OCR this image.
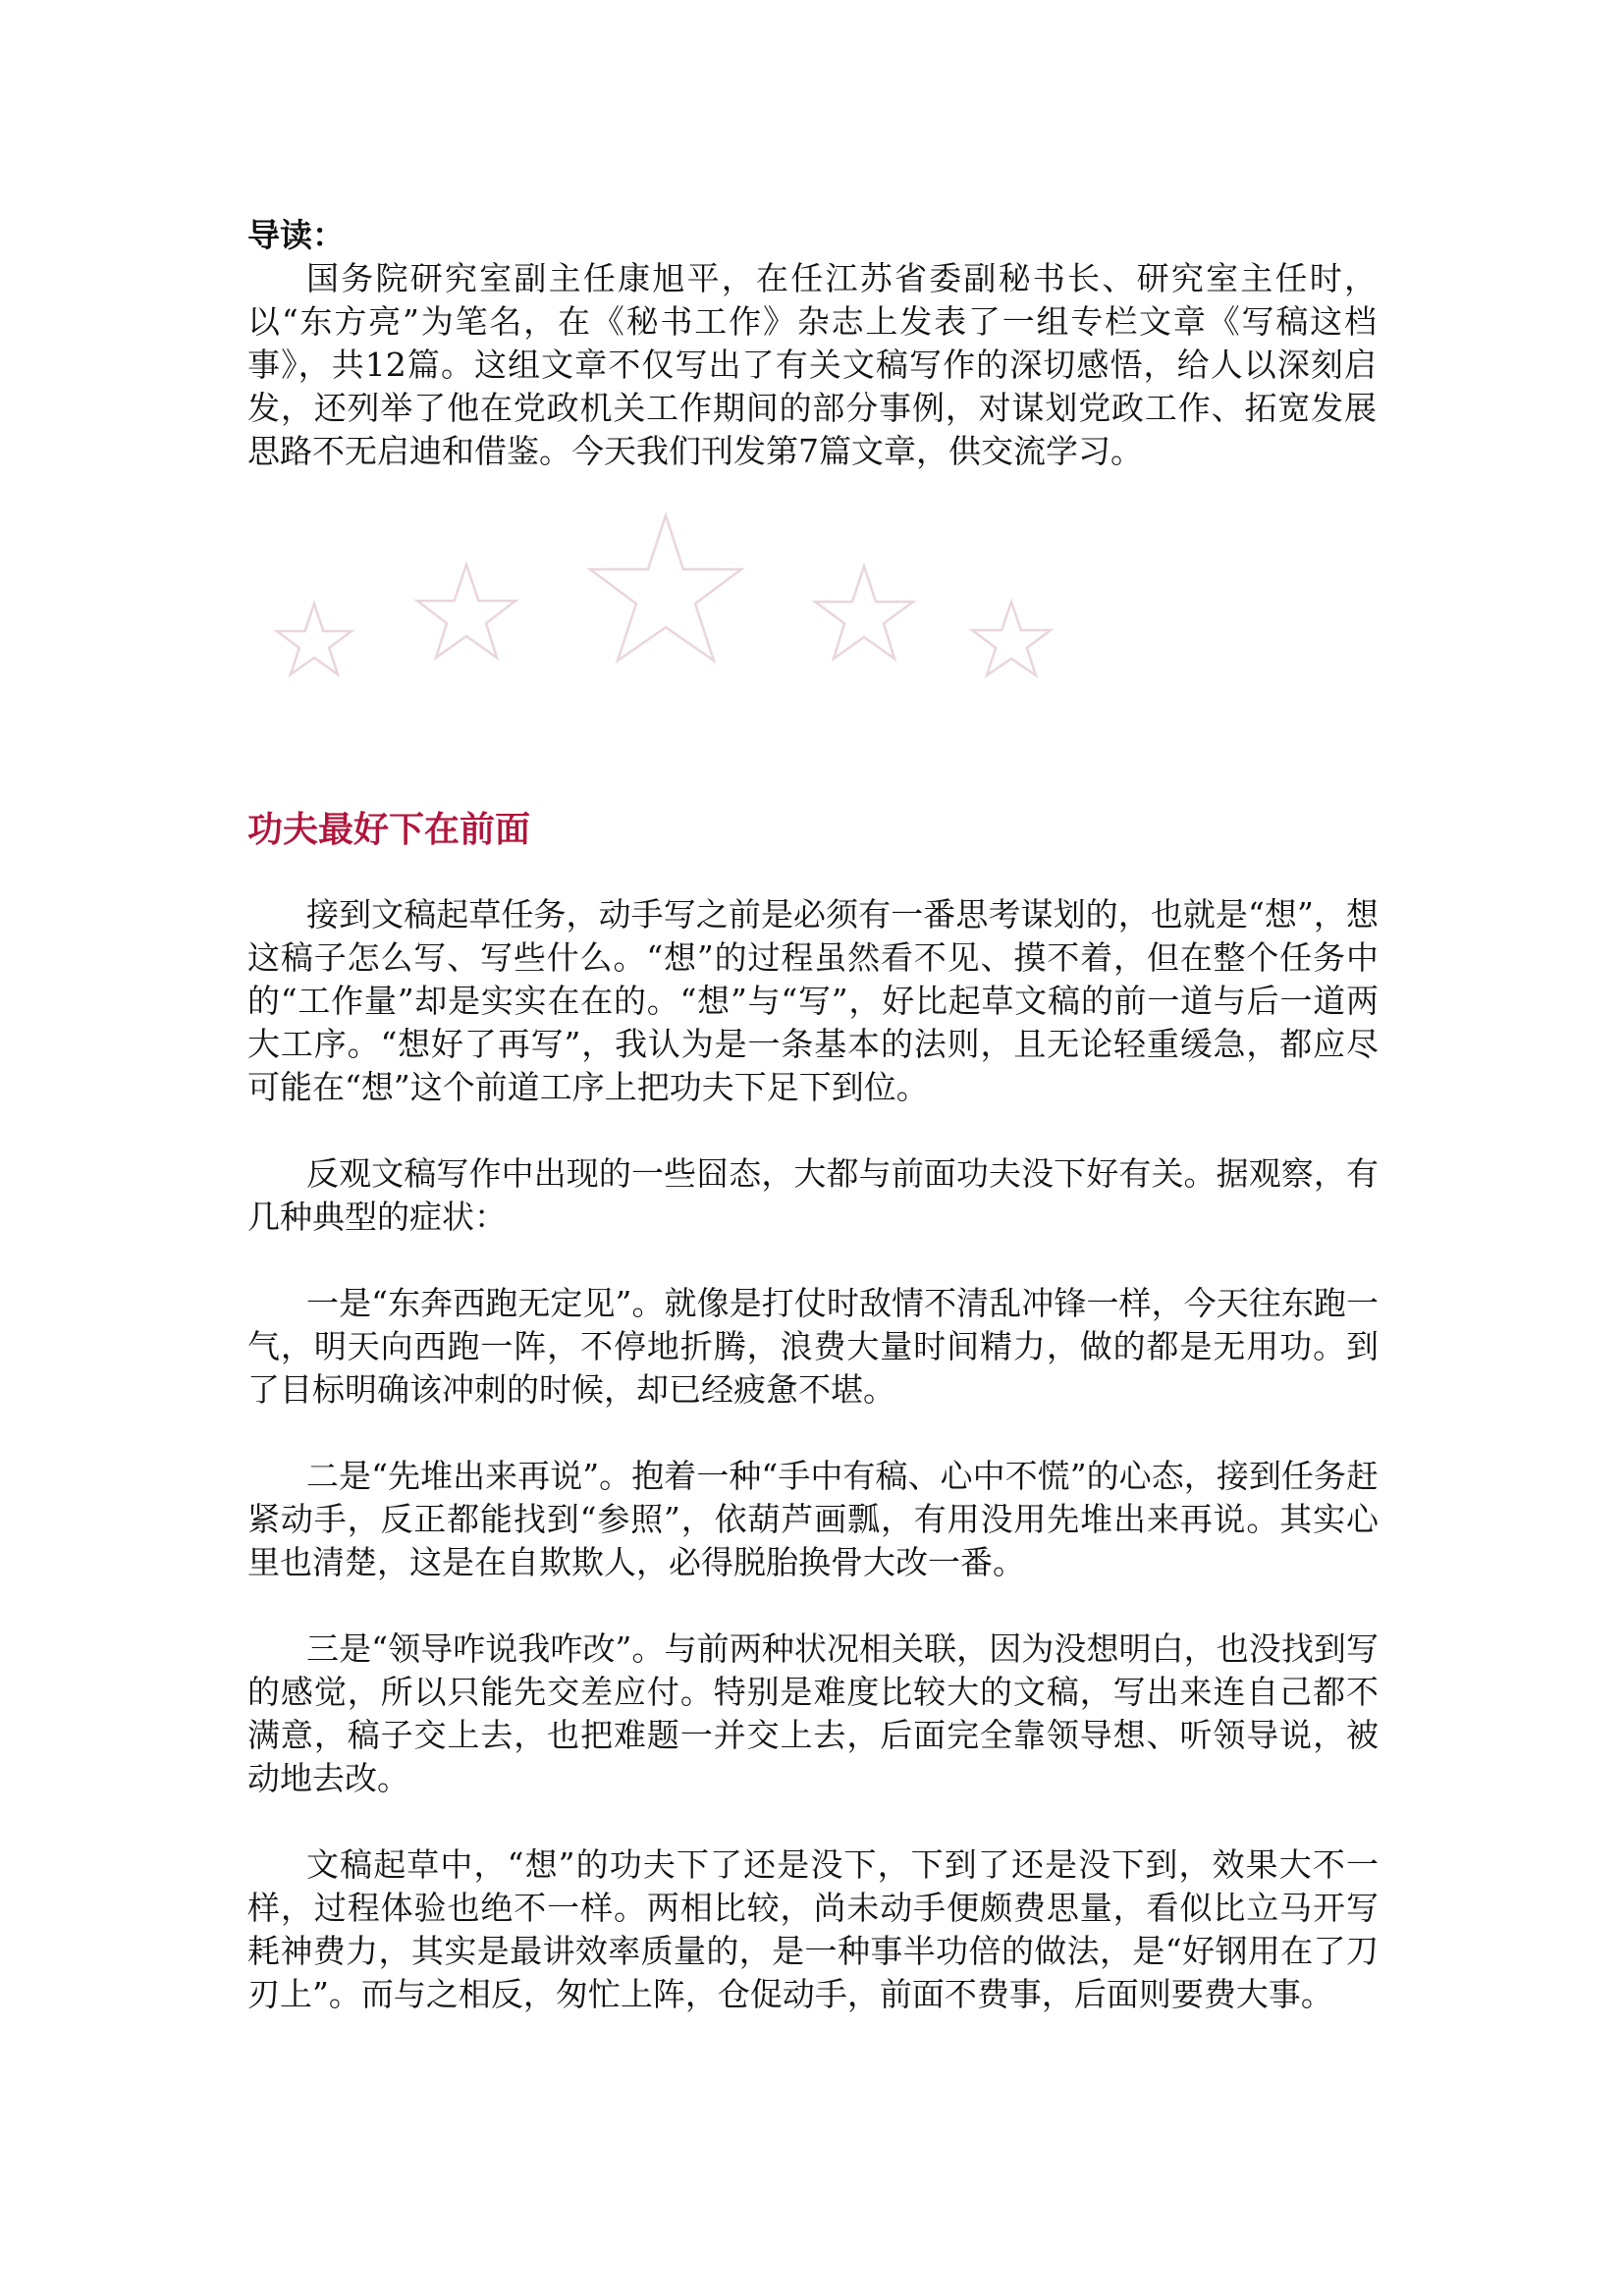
导读：

国务院研究室副主任康旭平，在任江苏省委副秘书长、研究室主任时，以“东方亮”为笔名，在《秘书工作》杂志上发表了一组专栏文章《写稿这档事》，共12篇。这组文章不仅写出了有关文稿写作的深切感悟，给人以深刻启发，还列举了他在党政机关工作期间的部分事例，对谋划党政工作、拓宽发展思路不无启迪和借鉴。今天我们刊发第7篇文章，供交流学习。

功夫最好下在前面

接到文稿起草任务，动手写之前是必须有一番思考谋划的，也就是“想”，想这稿子怎么写、写些什么。“想”的过程虽然看不见、摸不着，但在整个任务中的“工作量”却是实实在在的。“想”与“写”，好比起草文稿的前一道与后一道两大工序。“想好了再写”，我认为是一条基本的法则，且无论轻重缓急，都应尽可能在“想”这个前道工序上把功夫下足下到位。

反观文稿写作中出现的一些囧态，大都与前面功夫没下好有关。据观察，有几种典型的症状：

一是“东奔西跑无定见”。就像是打仗时敌情不清乱冲锋一样，今天往东跑一气，明天向西跑一阵，不停地折腾，浪费大量时间精力，做的都是无用功。到了目标明确该冲刺的时候，却已经疲惫不堪。

二是“先堆出来再说”。抱着一种“手中有稿、心中不慌”的心态，接到任务赶紧动手，反正都能找到“参照”，依葫芦画瓢，有用没用先堆出来再说。其实心里也清楚，这是在自欺欺人，必得脱胎换骨大改一番。

三是“领导咋说我咋改”。与前两种状况相关联，因为没想明白，也没找到写的感觉，所以只能先交差应付。特别是难度比较大的文稿，写出来连自己都不满意，稿子交上去，也把难题一并交上去，后面完全靠领导想、听领导说，被动地去改。

文稿起草中，“想”的功夫下了还是没下，下到了还是没下到，效果大不一样，过程体验也绝不一样。两相比较，尚未动手便颇费思量，看似比立马开写耗神费力，其实是最讲效率质量的，是一种事半功倍的做法，是“好钢用在了刀刃上”。而与之相反，匆忙上阵，仓促动手，前面不费事，后面则要费大事。
